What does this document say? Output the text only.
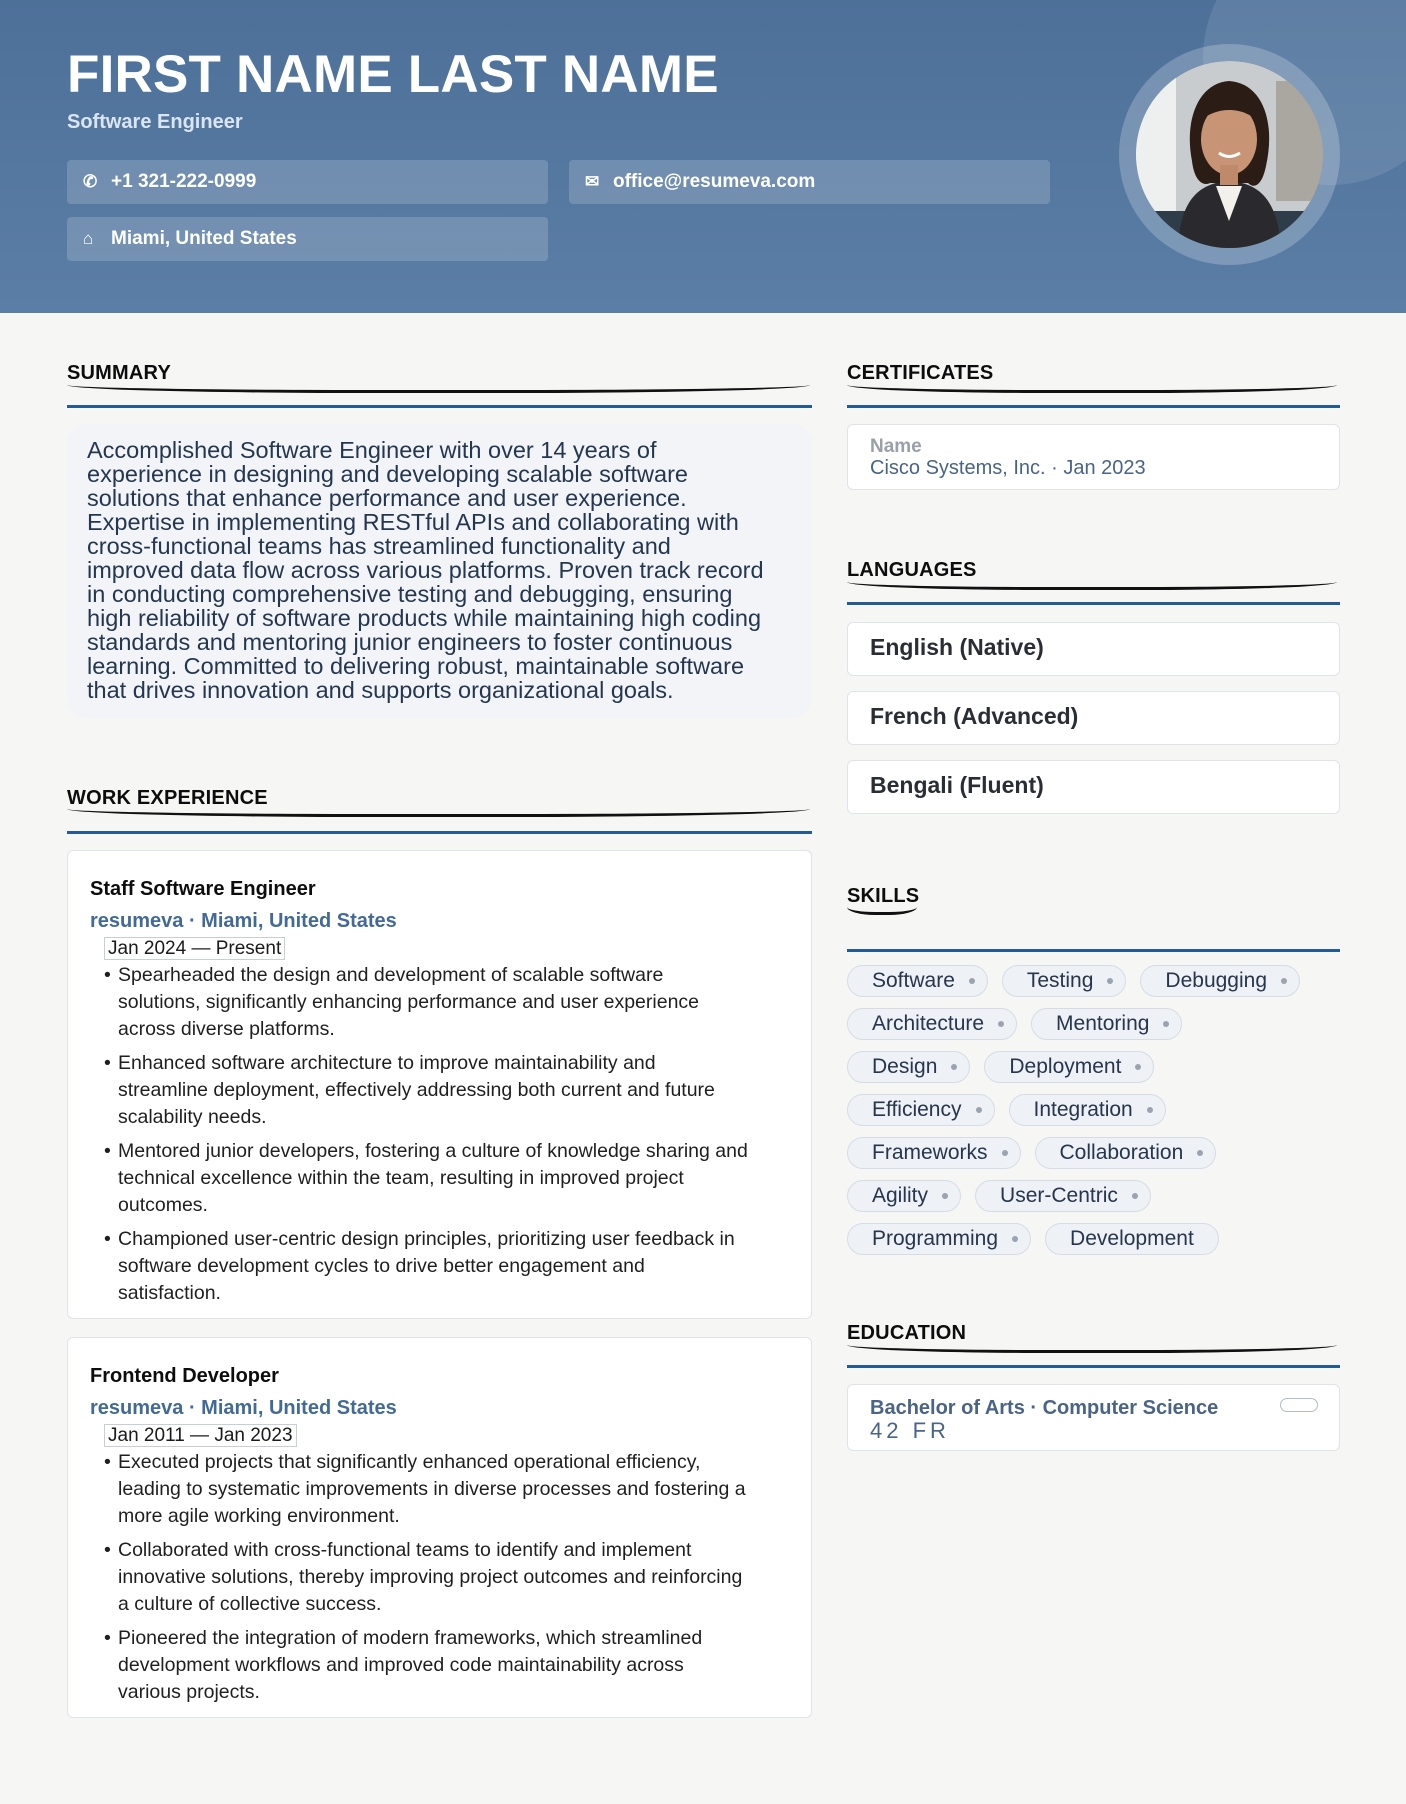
FIRST NAME LAST NAME
Software Engineer
✆ +1 321-222-0999	✉ office@resumeva.com
⌂ Miami, United States
SUMMARY
Accomplished Software Engineer with over 14 years of
experience in designing and developing scalable software
solutions that enhance performance and user experience.
Expertise in implementing RESTful APIs and collaborating with
cross-functional teams has streamlined functionality and
improved data flow across various platforms. Proven track record
in conducting comprehensive testing and debugging, ensuring
high reliability of software products while maintaining high coding
standards and mentoring junior engineers to foster continuous
learning. Committed to delivering robust, maintainable software
that drives innovation and supports organizational goals.
WORK EXPERIENCE
Staff Software Engineer
resumeva · Miami, United States
Jan 2024 — Present
• Spearheaded the design and development of scalable software
solutions, significantly enhancing performance and user experience
across diverse platforms.
• Enhanced software architecture to improve maintainability and
streamline deployment, effectively addressing both current and future
scalability needs.
• Mentored junior developers, fostering a culture of knowledge sharing and
technical excellence within the team, resulting in improved project
outcomes.
• Championed user-centric design principles, prioritizing user feedback in
software development cycles to drive better engagement and
satisfaction.
Frontend Developer
resumeva · Miami, United States
Jan 2011 — Jan 2023
• Executed projects that significantly enhanced operational efficiency,
leading to systematic improvements in diverse processes and fostering a
more agile working environment.
• Collaborated with cross-functional teams to identify and implement
innovative solutions, thereby improving project outcomes and reinforcing
a culture of collective success.
• Pioneered the integration of modern frameworks, which streamlined
development workflows and improved code maintainability across
various projects.
CERTIFICATES
Name
Cisco Systems, Inc. · Jan 2023
LANGUAGES
English (Native)
French (Advanced)
Bengali (Fluent)
SKILLS
Software	Testing	Debugging
Architecture	Mentoring
Design	Deployment
Efficiency	Integration
Frameworks	Collaboration
Agility	User-Centric
Programming	Development
EDUCATION
Bachelor of Arts · Computer Science
42 FR
